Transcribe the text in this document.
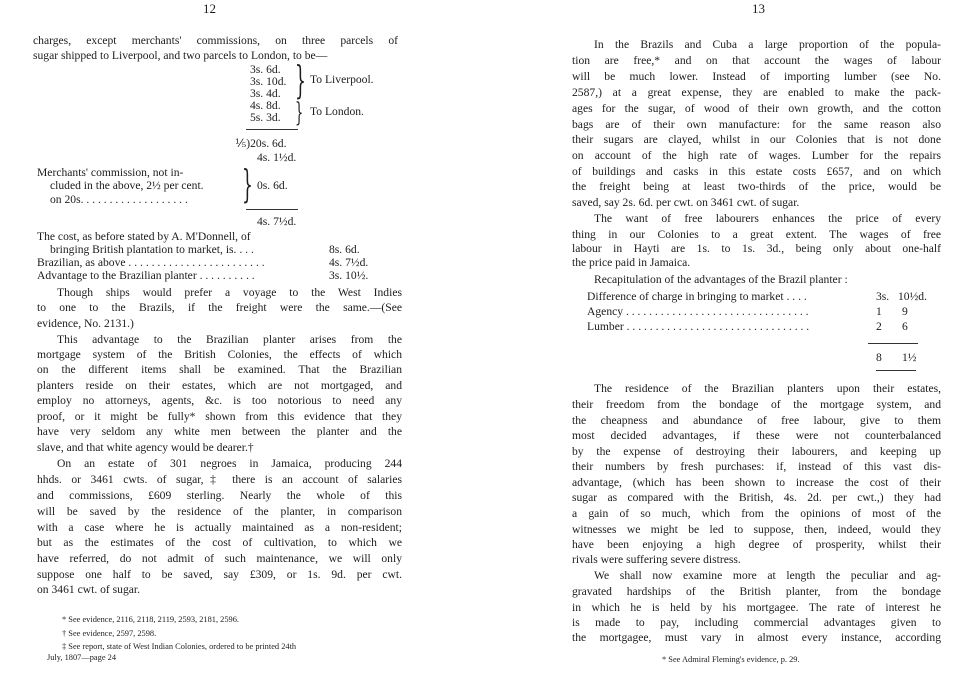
12
charges, except merchants' commissions, on three parcels of
sugar shipped to Liverpool, and two parcels to London, to be—
3s. 6d.
3s. 10d.
3s. 4d. } To Liverpool.
4s. 8d.
5s. 3d. } To London.
⅕)20s. 6d.
4s. 1½d.
Merchants' commission, not in-
cluded in the above, 2½ per cent.
on 20s. . . . . . . . . . . . . . . . . . . } 0s. 6d.
4s. 7½d.
The cost, as before stated by A. M'Donnell, of
bringing British plantation to market, is. . . .	8s. 6d.
Brazilian, as above . . . . . . . . . . . . . . . . . . . . . . . .	4s. 7½d.
Advantage to the Brazilian planter . . . . . . . . . .	3s. 10½.
Though ships would prefer a voyage to the West Indies
to one to the Brazils, if the freight were the same.—(See
evidence, No. 2131.)
This advantage to the Brazilian planter arises from the
mortgage system of the British Colonies, the effects of which
on the different items shall be examined. That the Brazilian
planters reside on their estates, which are not mortgaged, and
employ no attorneys, agents, &c. is too notorious to need any
proof, or it might be fully* shown from this evidence that they
have very seldom any white men between the planter and the
slave, and that white agency would be dearer.†
On an estate of 301 negroes in Jamaica, producing 244
hhds. or 3461 cwts. of sugar,‡ there is an account of salaries
and commissions, £609 sterling. Nearly the whole of this
will be saved by the residence of the planter, in comparison
with a case where he is actually maintained as a non-resident;
but as the estimates of the cost of cultivation, to which we
have referred, do not admit of such maintenance, we will only
suppose one half to be saved, say £309, or 1s. 9d. per cwt.
on 3461 cwt. of sugar.
* See evidence, 2116, 2118, 2119, 2593, 2181, 2596.
† See evidence, 2597, 2598.
‡ See report, state of West Indian Colonies, ordered to be printed 24th
July, 1807—page 24
13
In the Brazils and Cuba a large proportion of the popula-
tion are free,* and on that account the wages of labour
will be much lower. Instead of importing lumber (see No.
2587,) at a great expense, they are enabled to make the pack-
ages for the sugar, of wood of their own growth, and the cotton
bags are of their own manufacture: for the same reason also
their sugars are clayed, whilst in our Colonies that is not done
on account of the high rate of wages. Lumber for the repairs
of buildings and casks in this estate costs £657, and on which
the freight being at least two-thirds of the price, would be
saved, say 2s. 6d. per cwt. on 3461 cwt. of sugar.
The want of free labourers enhances the price of every
thing in our Colonies to a great extent. The wages of free
labour in Hayti are 1s. to 1s. 3d., being only about one-half
the price paid in Jamaica.
Recapitulation of the advantages of the Brazil planter :
Difference of charge in bringing to market . . . .	3s. 10½d.
Agency . . . . . . . . . . . . . . . . . . . . . . . . . . . . . . . .	1 9
Lumber . . . . . . . . . . . . . . . . . . . . . . . . . . . . . . . .	2 6
8 1½
The residence of the Brazilian planters upon their estates,
their freedom from the bondage of the mortgage system, and
the cheapness and abundance of free labour, give to them
most decided advantages, if these were not counterbalanced
by the expense of destroying their labourers, and keeping up
their numbers by fresh purchases: if, instead of this vast dis-
advantage, (which has been shown to increase the cost of their
sugar as compared with the British, 4s. 2d. per cwt.,) they had
a gain of so much, which from the opinions of most of the
witnesses we might be led to suppose, then, indeed, would they
have been enjoying a high degree of prosperity, whilst their
rivals were suffering severe distress.
We shall now examine more at length the peculiar and ag-
gravated hardships of the British planter, from the bondage
in which he is held by his mortgagee. The rate of interest he
is made to pay, including commercial advantages given to
the mortgagee, must vary in almost every instance, according
* See Admiral Fleming's evidence, p. 29.
